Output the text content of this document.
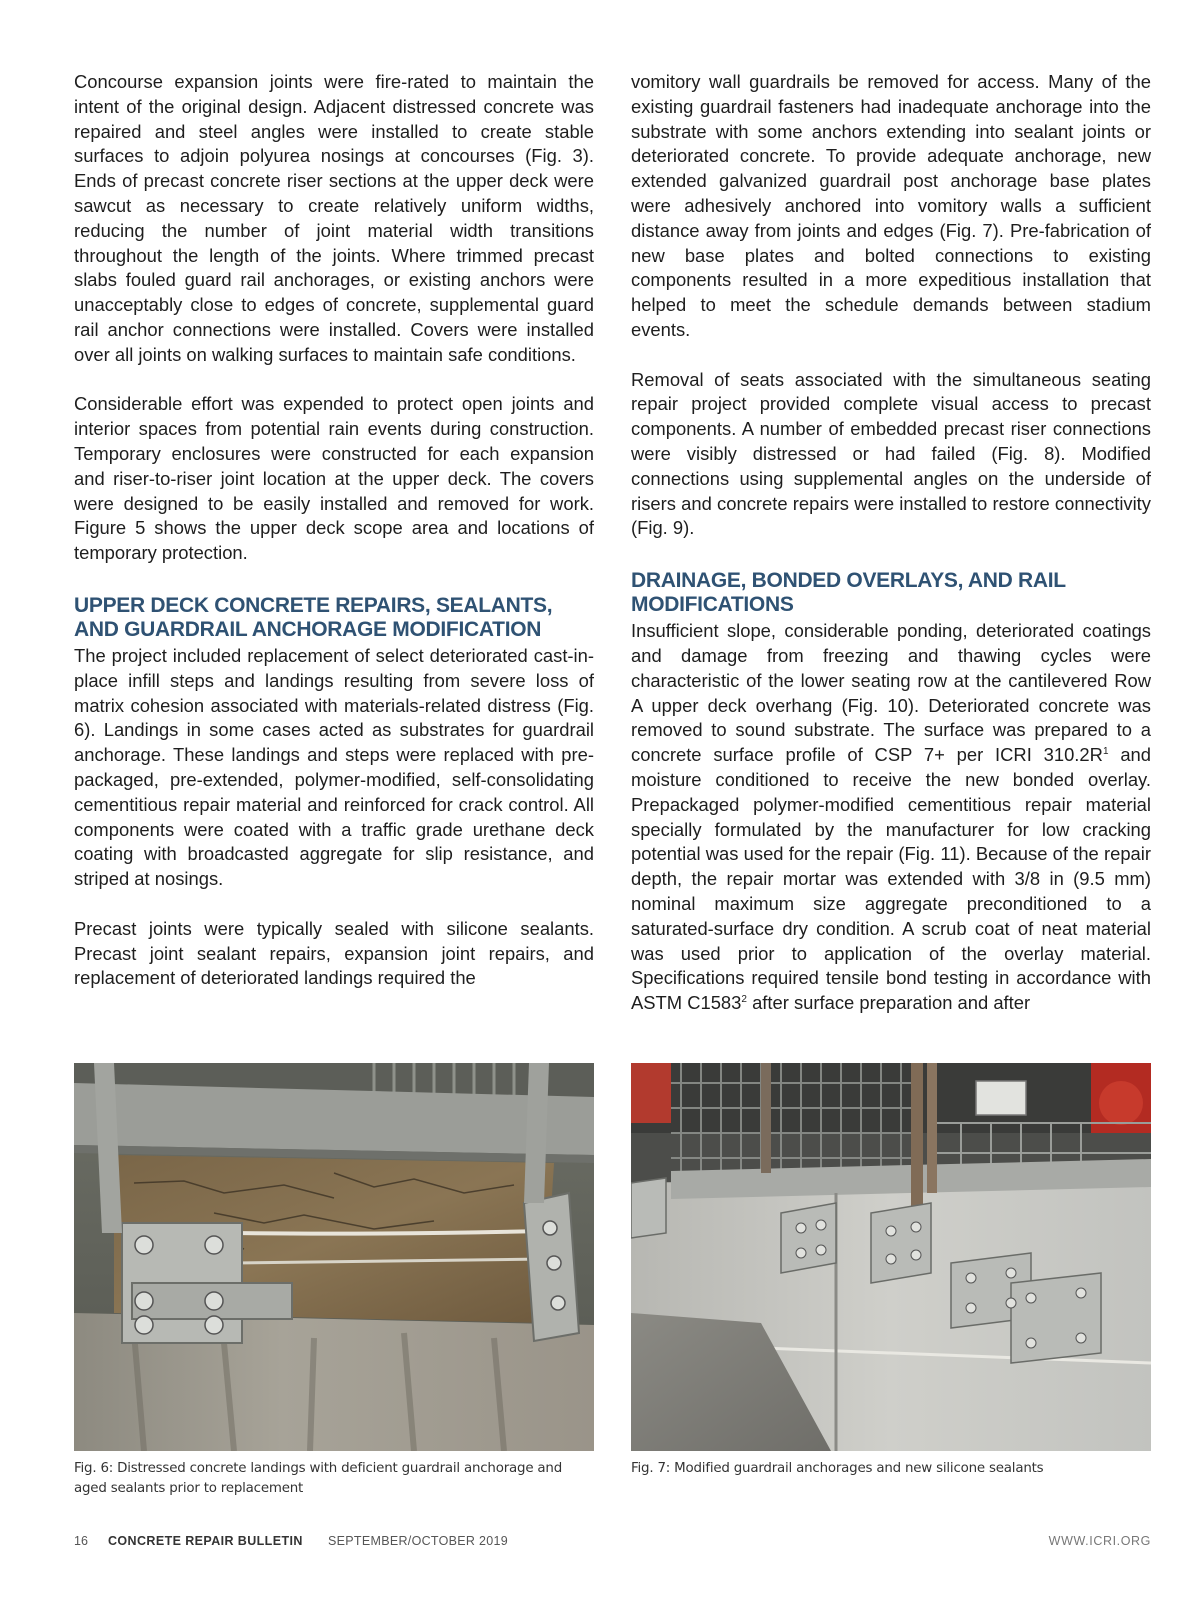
Concourse expansion joints were fire-rated to maintain the intent of the original design. Adjacent distressed concrete was repaired and steel angles were installed to create stable surfaces to adjoin polyurea nosings at concourses (Fig. 3). Ends of precast concrete riser sections at the upper deck were sawcut as necessary to create relatively uniform widths, reducing the number of joint material width transitions throughout the length of the joints. Where trimmed precast slabs fouled guard rail anchorages, or existing anchors were unacceptably close to edges of concrete, supplemental guard rail anchor connections were installed. Covers were installed over all joints on walking surfaces to maintain safe conditions.

Considerable effort was expended to protect open joints and interior spaces from potential rain events during construction. Temporary enclosures were constructed for each expansion and riser-to-riser joint location at the upper deck. The covers were designed to be easily installed and removed for work. Figure 5 shows the upper deck scope area and locations of temporary protection.

UPPER DECK CONCRETE REPAIRS, SEALANTS, AND GUARDRAIL ANCHORAGE MODIFICATION

The project included replacement of select deteriorated cast-in-place infill steps and landings resulting from severe loss of matrix cohesion associated with materials-related distress (Fig. 6). Landings in some cases acted as substrates for guardrail anchorage. These landings and steps were replaced with pre-packaged, pre-extended, polymer-modified, self-consolidating cementitious repair material and reinforced for crack control. All components were coated with a traffic grade urethane deck coating with broadcasted aggregate for slip resistance, and striped at nosings.

Precast joints were typically sealed with silicone sealants. Precast joint sealant repairs, expansion joint repairs, and replacement of deteriorated landings required the

vomitory wall guardrails be removed for access. Many of the existing guardrail fasteners had inadequate anchorage into the substrate with some anchors extending into sealant joints or deteriorated concrete. To provide adequate anchorage, new extended galvanized guardrail post anchorage base plates were adhesively anchored into vomitory walls a sufficient distance away from joints and edges (Fig. 7). Pre-fabrication of new base plates and bolted connections to existing components resulted in a more expeditious installation that helped to meet the schedule demands between stadium events.

Removal of seats associated with the simultaneous seating repair project provided complete visual access to precast components. A number of embedded precast riser connections were visibly distressed or had failed (Fig. 8). Modified connections using supplemental angles on the underside of risers and concrete repairs were installed to restore connectivity (Fig. 9).

DRAINAGE, BONDED OVERLAYS, AND RAIL MODIFICATIONS

Insufficient slope, considerable ponding, deteriorated coatings and damage from freezing and thawing cycles were characteristic of the lower seating row at the cantilevered Row A upper deck overhang (Fig. 10). Deteriorated concrete was removed to sound substrate. The surface was prepared to a concrete surface profile of CSP 7+ per ICRI $310.2R^1$ and moisture conditioned to receive the new bonded overlay. Prepackaged polymer-modified cementitious repair material specially formulated by the manufacturer for low cracking potential was used for the repair (Fig. 11). Because of the repair depth, the repair mortar was extended with 3/8 in (9.5 mm) nominal maximum size aggregate preconditioned to a saturated-surface dry condition. A scrub coat of neat material was used prior to application of the overlay material. Specifications required tensile bond testing in accordance with ASTM C1583$^2$ after surface preparation and after

Fig. 6: Distressed concrete landings with deficient guardrail anchorage and aged sealants prior to replacement
Fig. 7: Modified guardrail anchorages and new silicone sealants
16 CONCRETE REPAIR BULLETIN SEPTEMBER/OCTOBER 2019	WWW.ICRI.ORG
